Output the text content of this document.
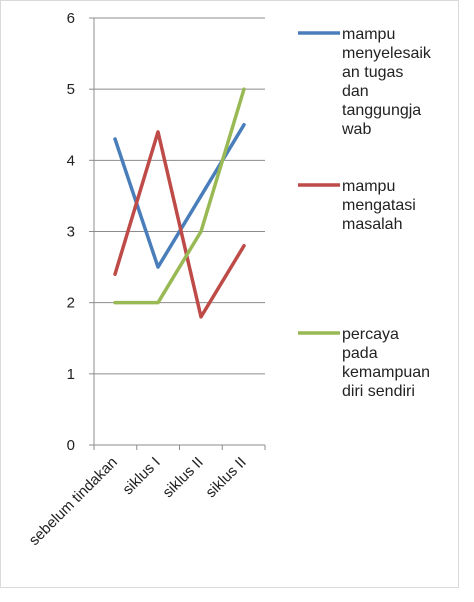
0
1
2
3
4
5
6
sebelum tindakan
siklus I
siklus II
siklus II
mampu
menyelesaik
an tugas
dan
tanggungja
wab
mampu
mengatasi
masalah
percaya
pada
kemampuan
diri sendiri
